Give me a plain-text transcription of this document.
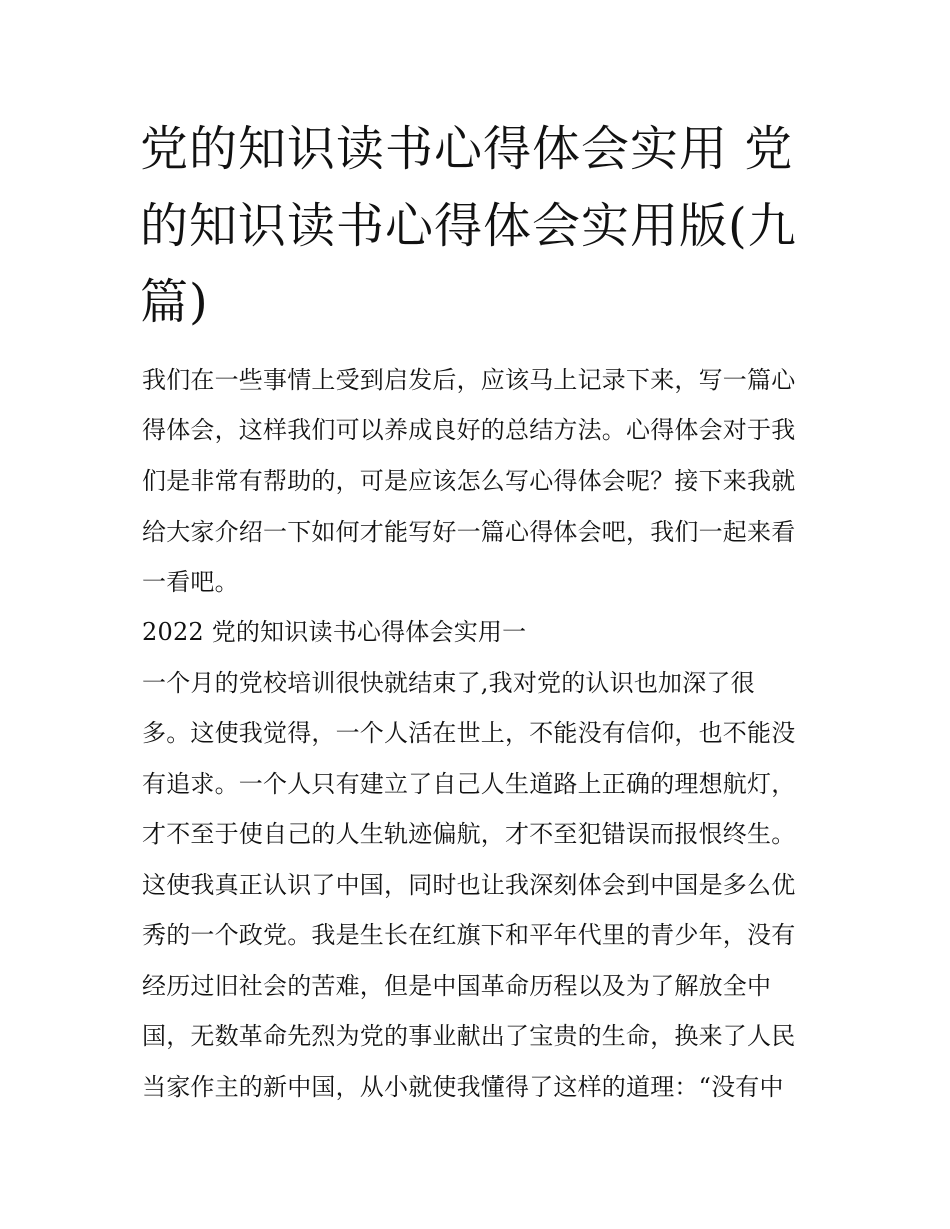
党的知识读书心得体会实用 党
的知识读书心得体会实用版(九
篇)
我们在一些事情上受到启发后，应该马上记录下来，写一篇心
得体会，这样我们可以养成良好的总结方法。心得体会对于我
们是非常有帮助的，可是应该怎么写心得体会呢？接下来我就
给大家介绍一下如何才能写好一篇心得体会吧，我们一起来看
一看吧。
2022 党的知识读书心得体会实用一
一个月的党校培训很快就结束了,我对党的认识也加深了很
多。这使我觉得，一个人活在世上，不能没有信仰，也不能没
有追求。一个人只有建立了自己人生道路上正确的理想航灯，
才不至于使自己的人生轨迹偏航，才不至犯错误而报恨终生。
这使我真正认识了中国，同时也让我深刻体会到中国是多么优
秀的一个政党。我是生长在红旗下和平年代里的青少年，没有
经历过旧社会的苦难，但是中国革命历程以及为了解放全中
国，无数革命先烈为党的事业献出了宝贵的生命，换来了人民
当家作主的新中国，从小就使我懂得了这样的道理：“没有中
